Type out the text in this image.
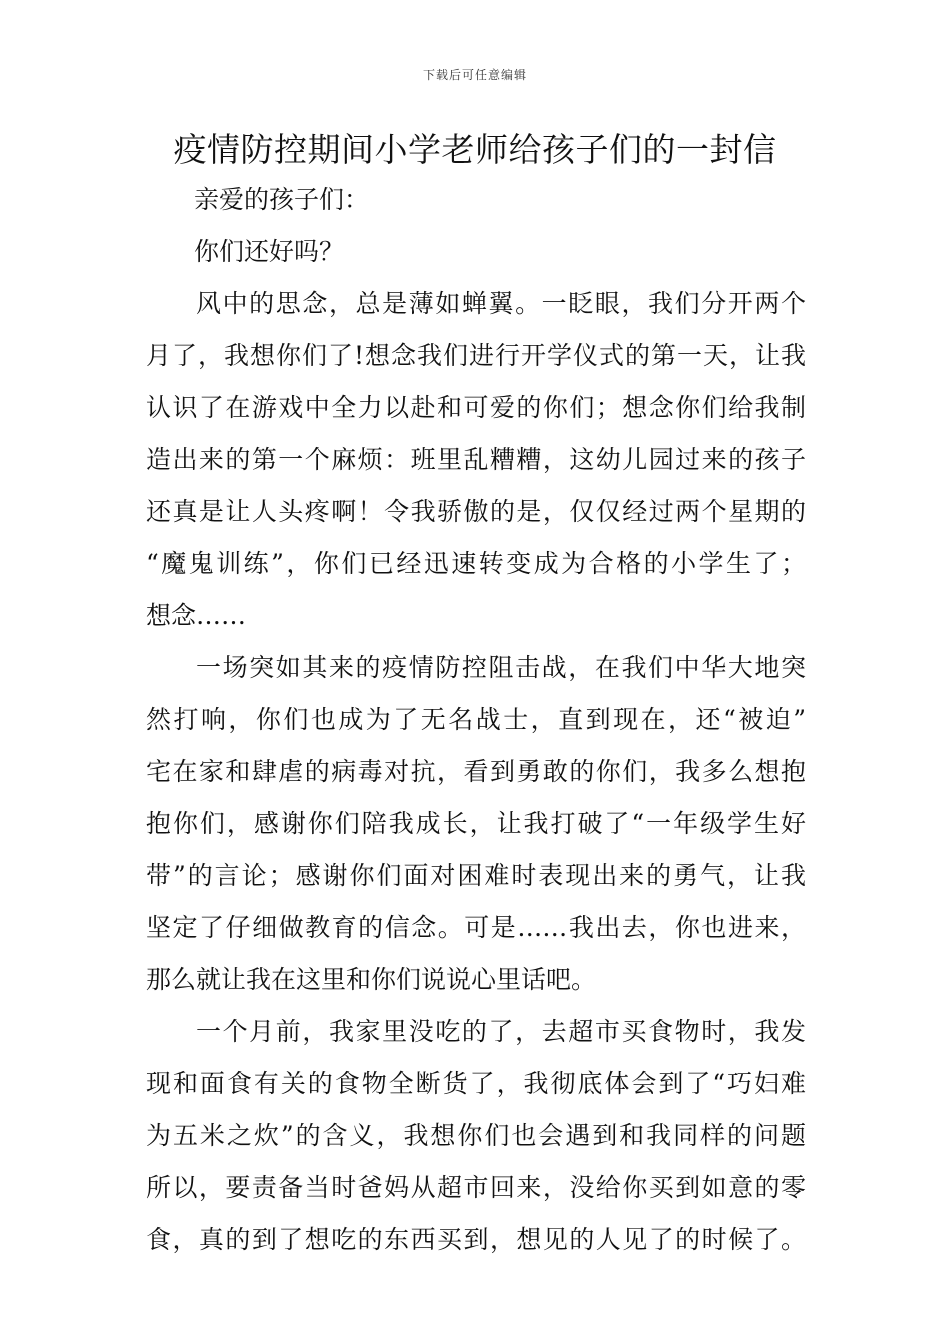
下载后可任意编辑
疫情防控期间小学老师给孩子们的一封信
亲爱的孩子们：
你们还好吗？
风中的思念，总是薄如蝉翼。一眨眼，我们分开两个
月了，我想你们了!想念我们进行开学仪式的第一天，让我
认识了在游戏中全力以赴和可爱的你们；想念你们给我制
造出来的第一个麻烦：班里乱糟糟，这幼儿园过来的孩子
还真是让人头疼啊！令我骄傲的是，仅仅经过两个星期的
“魔鬼训练”，你们已经迅速转变成为合格的小学生了；
想念……
一场突如其来的疫情防控阻击战，在我们中华大地突
然打响，你们也成为了无名战士，直到现在，还“被迫”
宅在家和肆虐的病毒对抗，看到勇敢的你们，我多么想抱
抱你们，感谢你们陪我成长，让我打破了“一年级学生好
带”的言论；感谢你们面对困难时表现出来的勇气，让我
坚定了仔细做教育的信念。可是……我出去，你也进来，
那么就让我在这里和你们说说心里话吧。
一个月前，我家里没吃的了，去超市买食物时，我发
现和面食有关的食物全断货了，我彻底体会到了“巧妇难
为五米之炊”的含义，我想你们也会遇到和我同样的问题
所以，要责备当时爸妈从超市回来，没给你买到如意的零
食，真的到了想吃的东西买到，想见的人见了的时候了。
